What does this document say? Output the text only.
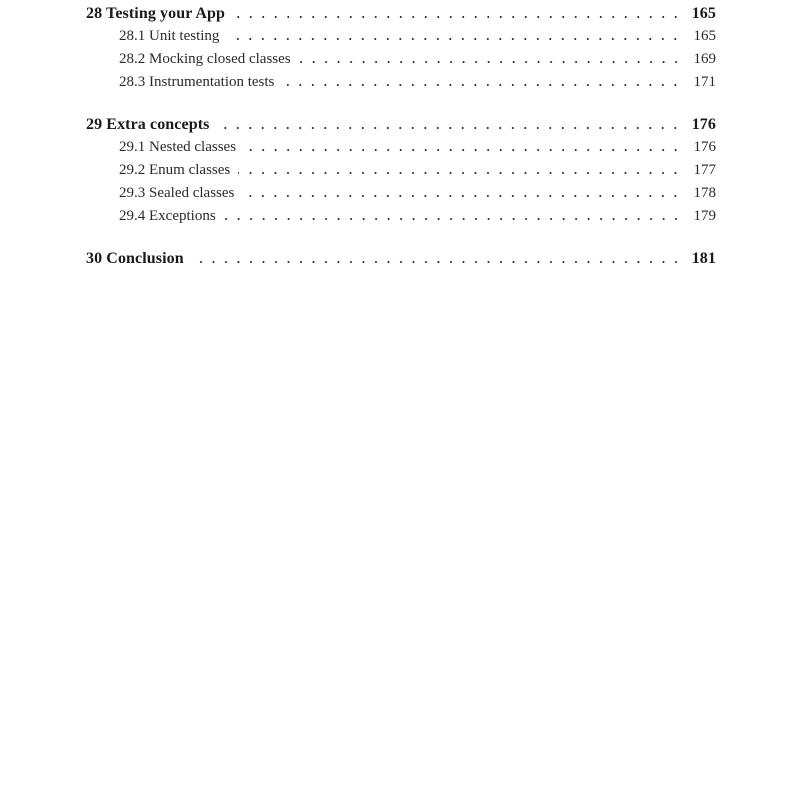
28 Testing your App	165
28.1 Unit testing	165
28.2 Mocking closed classes	169
28.3 Instrumentation tests	171
29 Extra concepts	176
29.1 Nested classes	176
29.2 Enum classes	177
29.3 Sealed classes	178
29.4 Exceptions	179
30 Conclusion	181
